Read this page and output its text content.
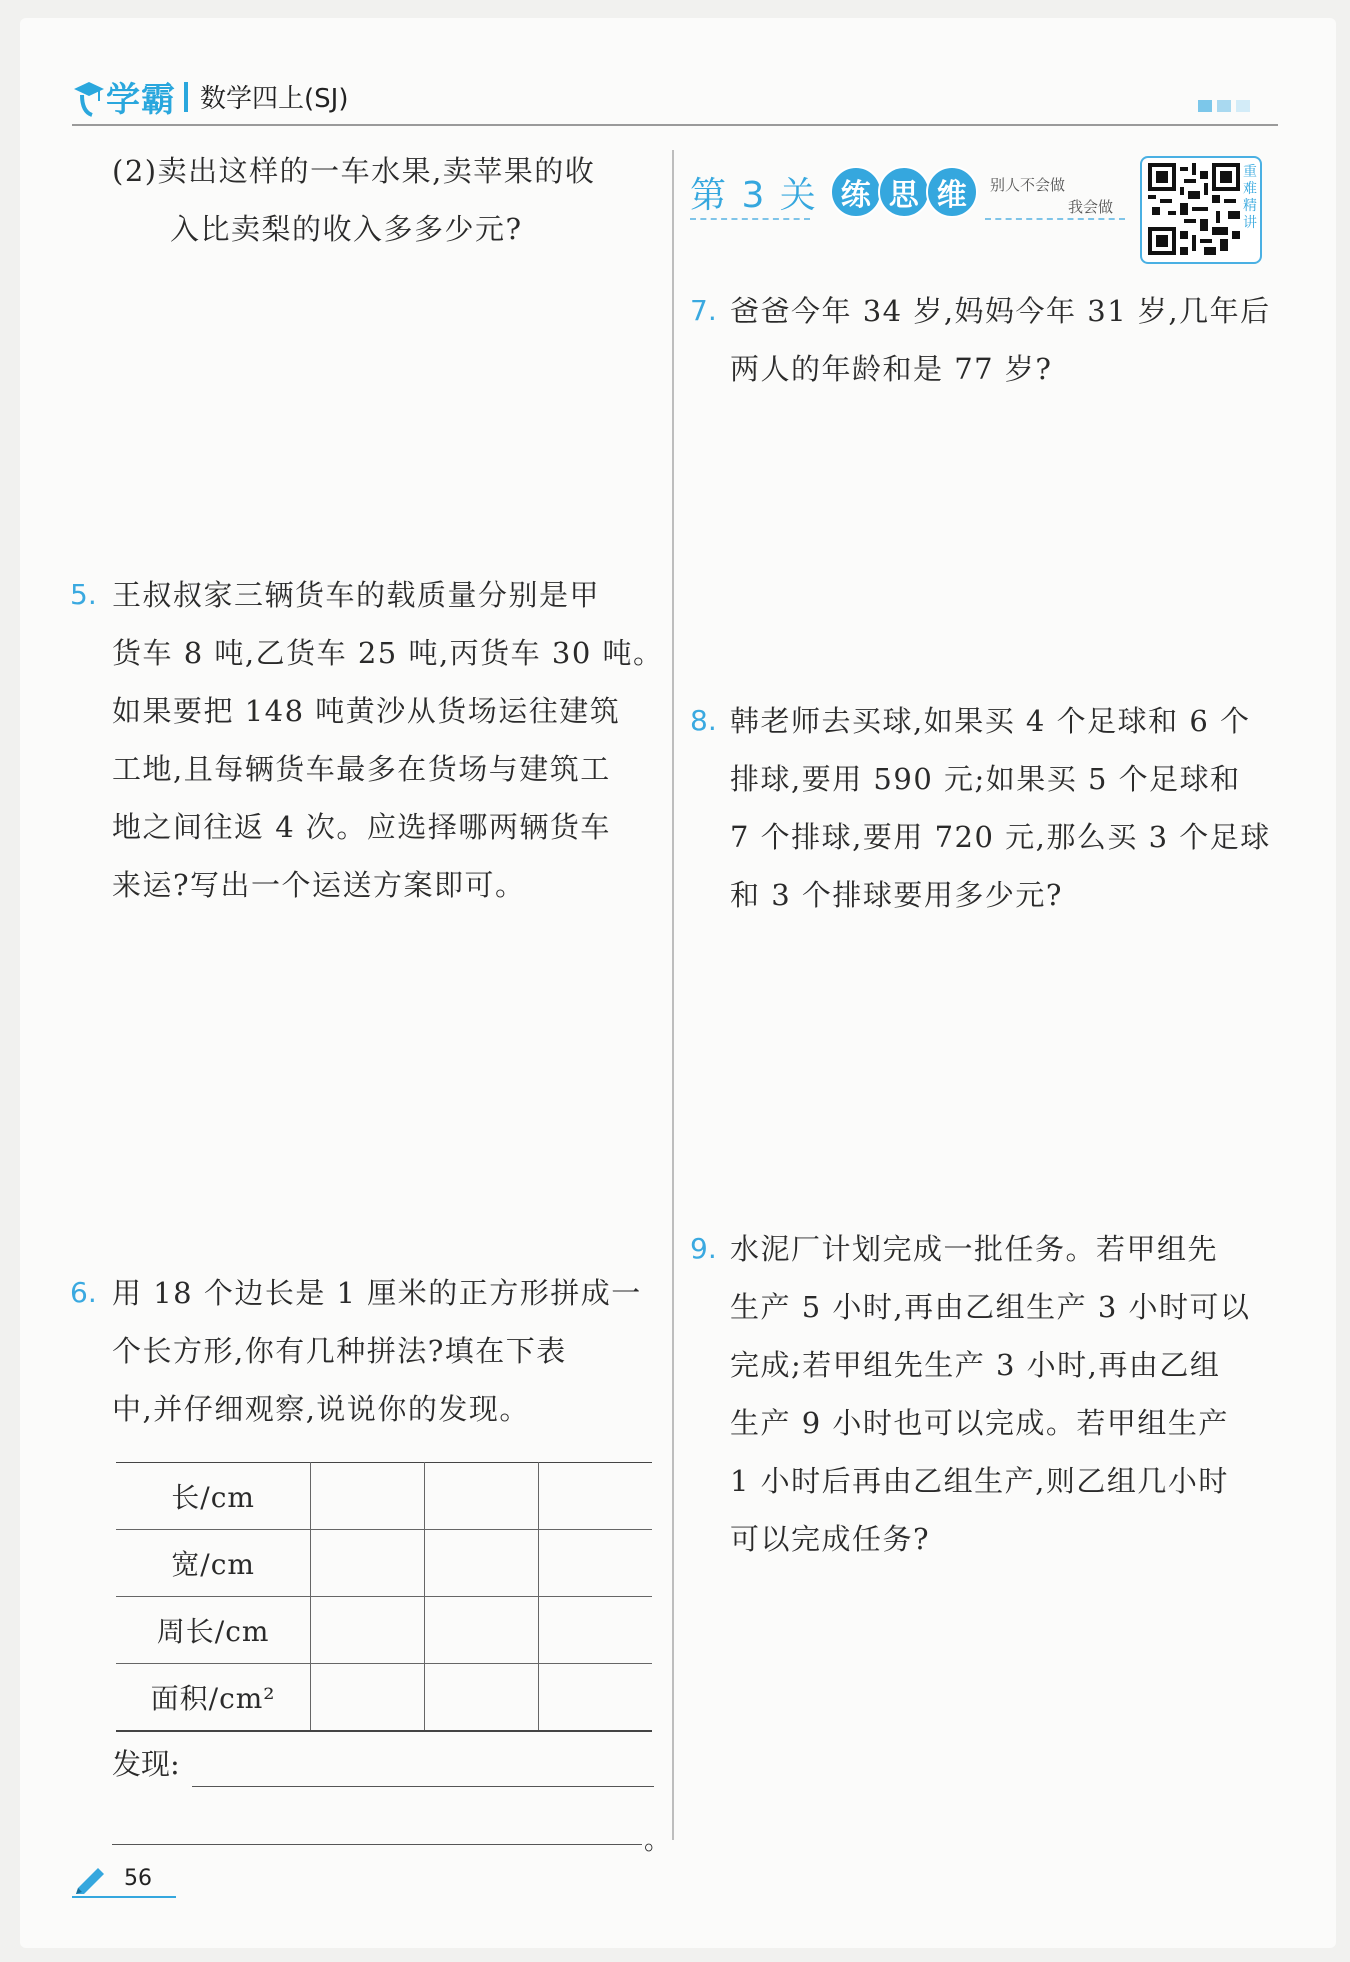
学霸 数学四上(SJ)
(2)卖出这样的一车水果,卖苹果的收
入比卖梨的收入多多少元?
5. 王叔叔家三辆货车的载质量分别是甲
货车 8 吨,乙货车 25 吨,丙货车 30 吨。
如果要把 148 吨黄沙从货场运往建筑
工地,且每辆货车最多在货场与建筑工
地之间往返 4 次。应选择哪两辆货车
来运?写出一个运送方案即可。
6. 用 18 个边长是 1 厘米的正方形拼成一
个长方形,你有几种拼法?填在下表
中,并仔细观察,说说你的发现。
长/cm			
宽/cm			
周长/cm			
面积/cm²			
发现:
。
第 3 关 练 思 维	别人不会做
我会做
重
难
精
讲
7. 爸爸今年 34 岁,妈妈今年 31 岁,几年后
两人的年龄和是 77 岁?
8. 韩老师去买球,如果买 4 个足球和 6 个
排球,要用 590 元;如果买 5 个足球和
7 个排球,要用 720 元,那么买 3 个足球
和 3 个排球要用多少元?
9. 水泥厂计划完成一批任务。若甲组先
生产 5 小时,再由乙组生产 3 小时可以
完成;若甲组先生产 3 小时,再由乙组
生产 9 小时也可以完成。若甲组生产
1 小时后再由乙组生产,则乙组几小时
可以完成任务?
56
